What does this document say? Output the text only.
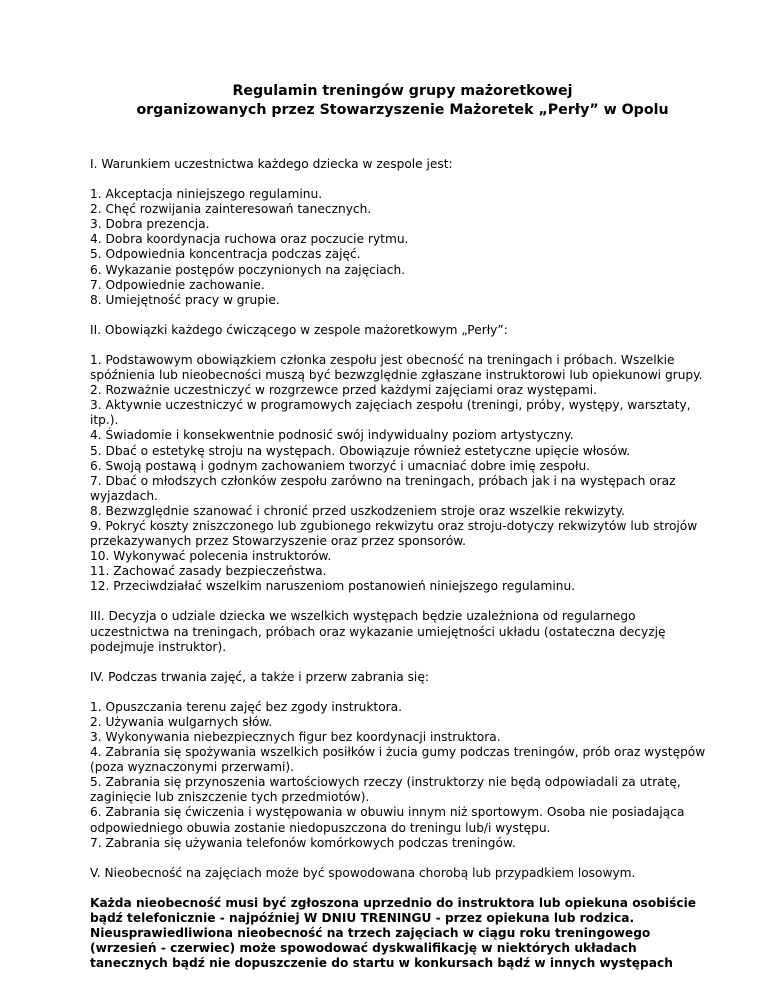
Regulamin treningów grupy mażoretkowej
organizowanych przez Stowarzyszenie Mażoretek „Perły” w Opolu

I. Warunkiem uczestnictwa każdego dziecka w zespole jest:

1. Akceptacja niniejszego regulaminu.
2. Chęć rozwijania zainteresowań tanecznych.
3. Dobra prezencja.
4. Dobra koordynacja ruchowa oraz poczucie rytmu.
5. Odpowiednia koncentracja podczas zajęć.
6. Wykazanie postępów poczynionych na zajęciach.
7. Odpowiednie zachowanie.
8. Umiejętność pracy w grupie.

II. Obowiązki każdego ćwiczącego w zespole mażoretkowym „Perły”:

1. Podstawowym obowiązkiem członka zespołu jest obecność na treningach i próbach. Wszelkie spóźnienia lub nieobecności muszą być bezwzględnie zgłaszane instruktorowi lub opiekunowi grupy.
2. Rozważnie uczestniczyć w rozgrzewce przed każdymi zajęciami oraz występami.
3. Aktywnie uczestniczyć w programowych zajęciach zespołu (treningi, próby, występy, warsztaty, itp.).
4. Świadomie i konsekwentnie podnosić swój indywidualny poziom artystyczny.
5. Dbać o estetykę stroju na występach. Obowiązuje również estetyczne upięcie włosów.
6. Swoją postawą i godnym zachowaniem tworzyć i umacniać dobre imię zespołu.
7. Dbać o młodszych członków zespołu zarówno na treningach, próbach jak i na występach oraz wyjazdach.
8. Bezwzględnie szanować i chronić przed uszkodzeniem stroje oraz wszelkie rekwizyty.
9. Pokryć koszty zniszczonego lub zgubionego rekwizytu oraz stroju-dotyczy rekwizytów lub strojów przekazywanych przez Stowarzyszenie oraz przez sponsorów.
10. Wykonywać polecenia instruktorów.
11. Zachować zasady bezpieczeństwa.
12. Przeciwdziałać wszelkim naruszeniom postanowień niniejszego regulaminu.

III. Decyzja o udziale dziecka we wszelkich występach będzie uzależniona od regularnego uczestnictwa na treningach, próbach oraz wykazanie umiejętności układu (ostateczna decyzję podejmuje instruktor).

IV. Podczas trwania zajęć, a także i przerw zabrania się:

1. Opuszczania terenu zajęć bez zgody instruktora.
2. Używania wulgarnych słów.
3. Wykonywania niebezpiecznych figur bez koordynacji instruktora.
4. Zabrania się spożywania wszelkich posiłków i żucia gumy podczas treningów, prób oraz występów (poza wyznaczonymi przerwami).
5. Zabrania się przynoszenia wartościowych rzeczy (instruktorzy nie będą odpowiadali za utratę, zaginięcie lub zniszczenie tych przedmiotów).
6. Zabrania się ćwiczenia i występowania w obuwiu innym niż sportowym. Osoba nie posiadająca odpowiedniego obuwia zostanie niedopuszczona do treningu lub/i występu.
7. Zabrania się używania telefonów komórkowych podczas treningów.

V. Nieobecność na zajęciach może być spowodowana chorobą lub przypadkiem losowym.

Każda nieobecność musi być zgłoszona uprzednio do instruktora lub opiekuna osobiście bądź telefonicznie - najpóźniej W DNIU TRENINGU - przez opiekuna lub rodzica. Nieusprawiedliwiona nieobecność na trzech zajęciach w ciągu roku treningowego (wrzesień - czerwiec) może spowodować dyskwalifikację w niektórych układach tanecznych bądź nie dopuszczenie do startu w konkursach bądź w innych występach
